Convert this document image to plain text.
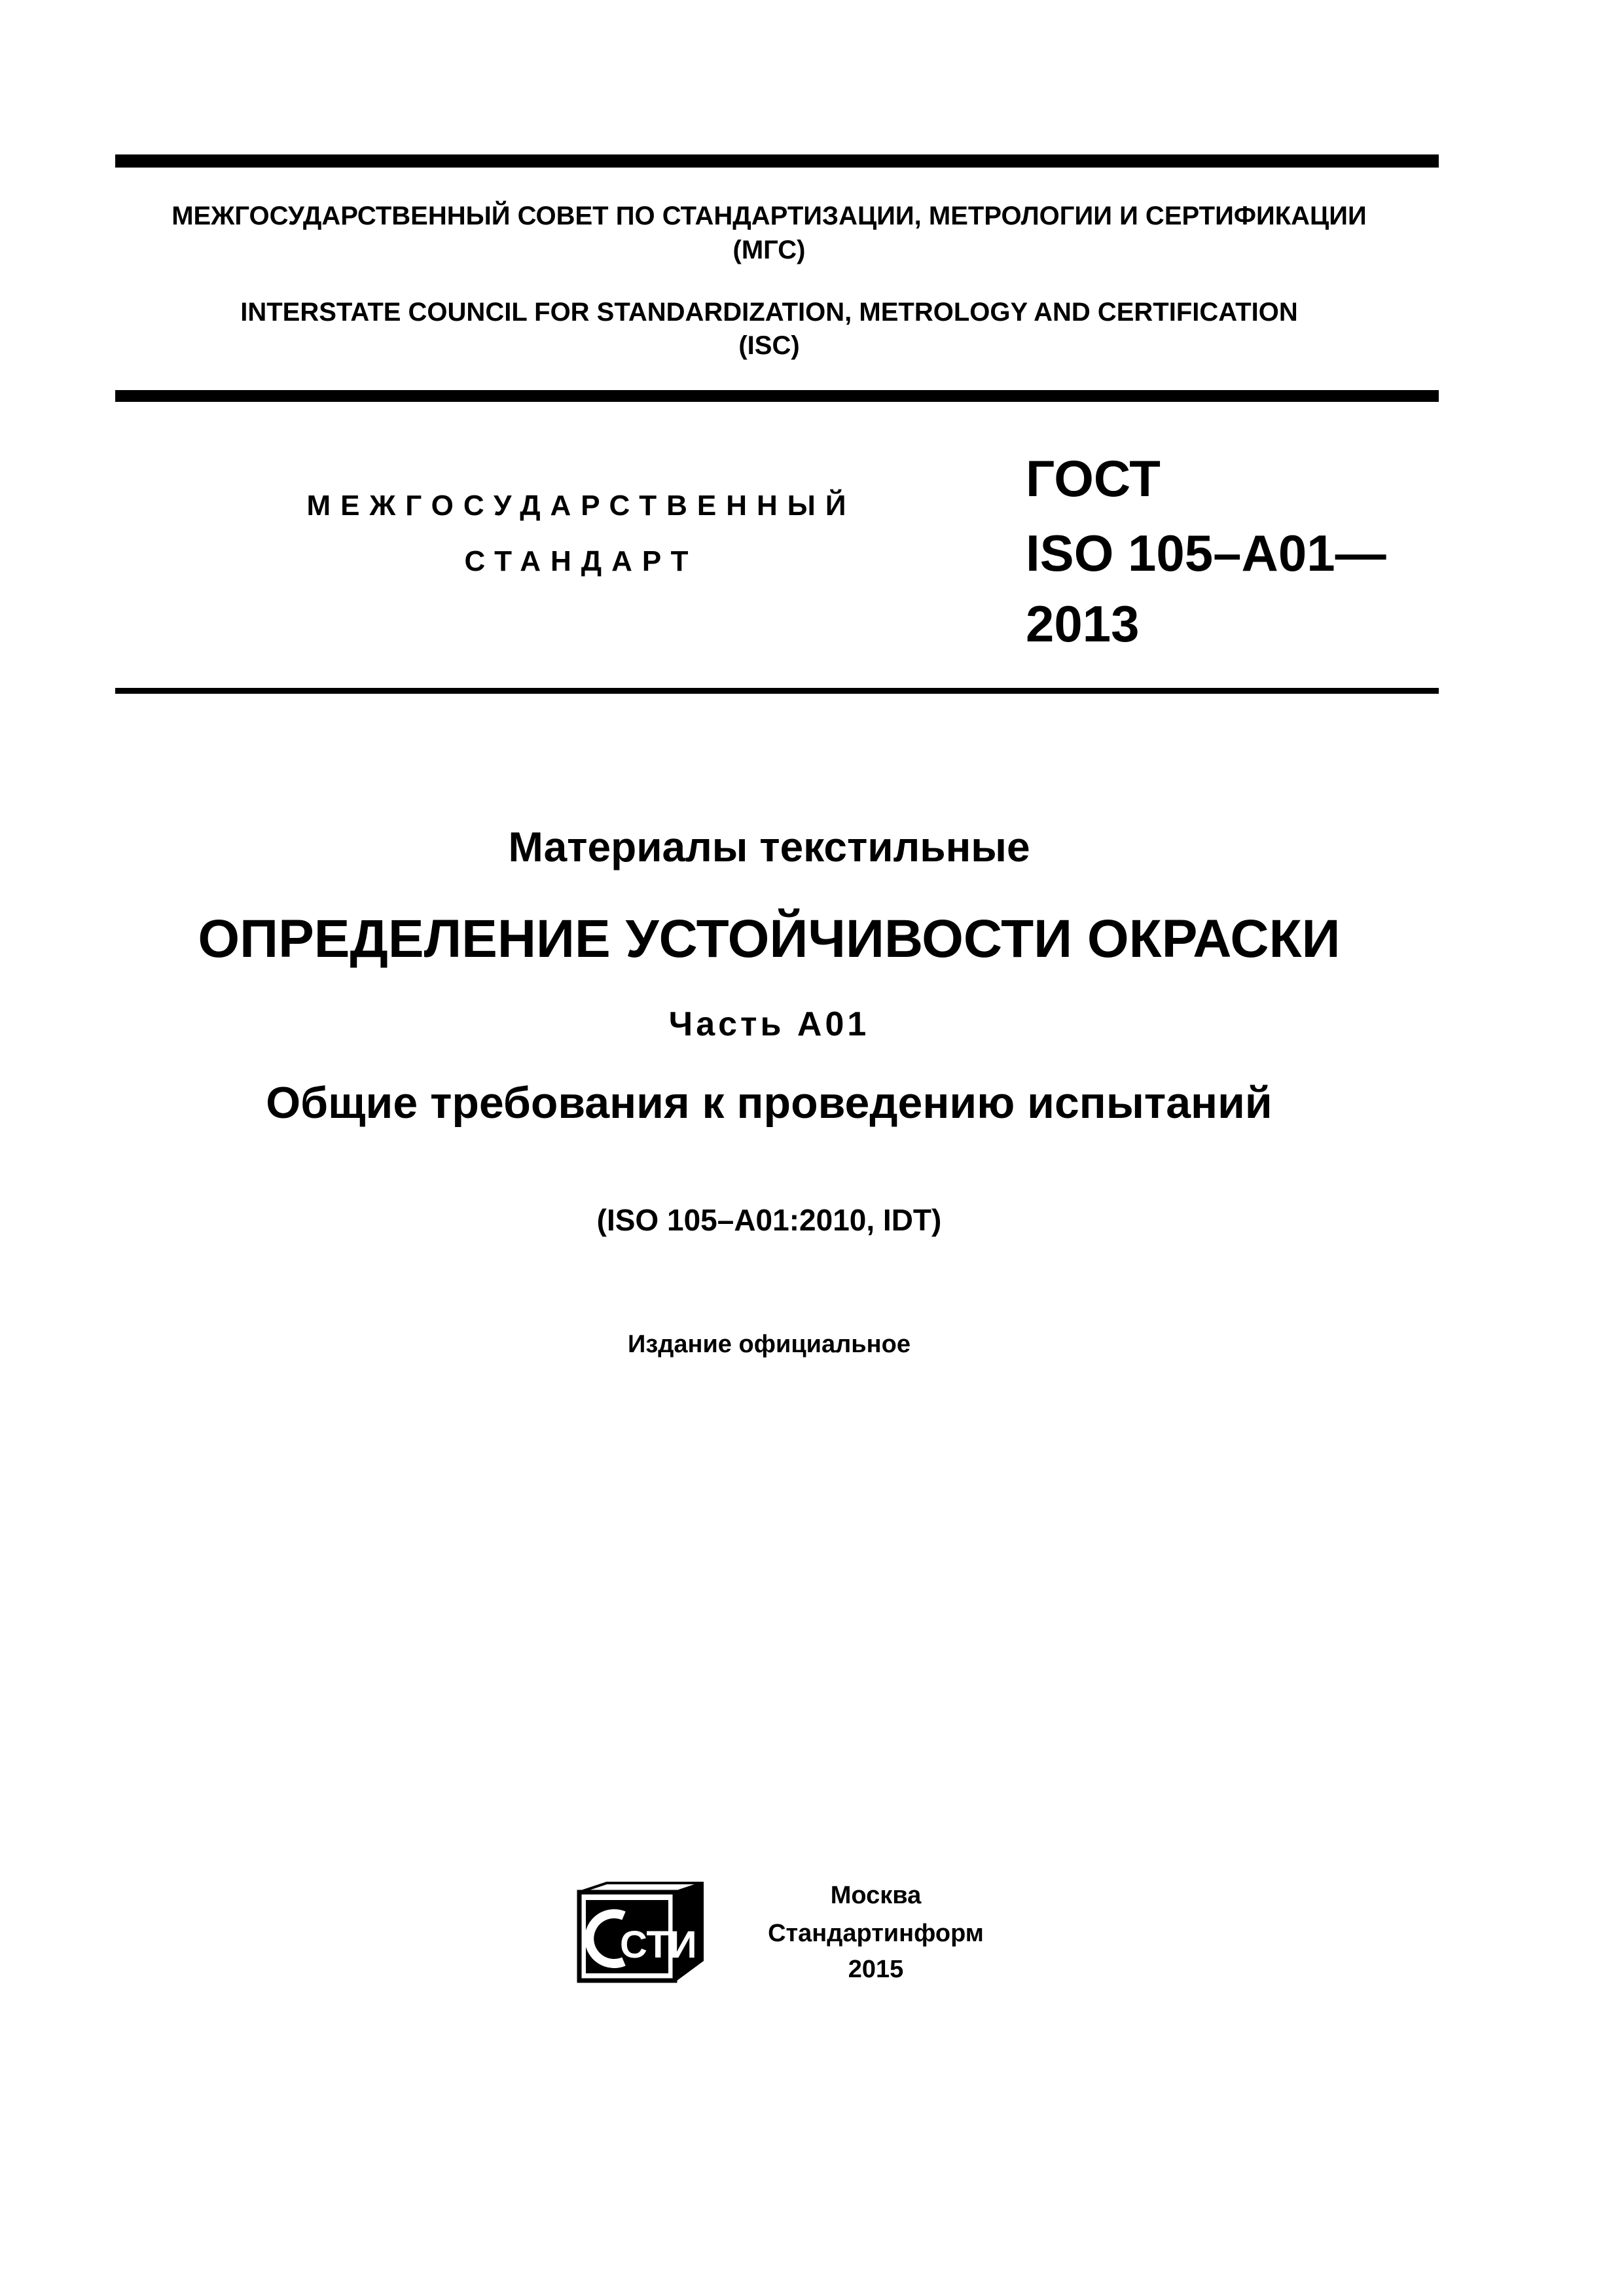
МЕЖГОСУДАРСТВЕННЫЙ СОВЕТ ПО СТАНДАРТИЗАЦИИ, МЕТРОЛОГИИ И СЕРТИФИКАЦИИ
(МГС)
INTERSTATE COUNCIL FOR STANDARDIZATION, METROLOGY AND CERTIFICATION
(ISC)
МЕЖГОСУДАРСТВЕННЫЙ
СТАНДАРТ
ГОСТ
ISO 105–A01—
2013
Материалы текстильные
ОПРЕДЕЛЕНИЕ УСТОЙЧИВОСТИ ОКРАСКИ
Часть A01
Общие требования к проведению испытаний
(ISO 105–A01:2010, IDT)
Издание официальное
СТИ
Москва
Стандартинформ
2015
